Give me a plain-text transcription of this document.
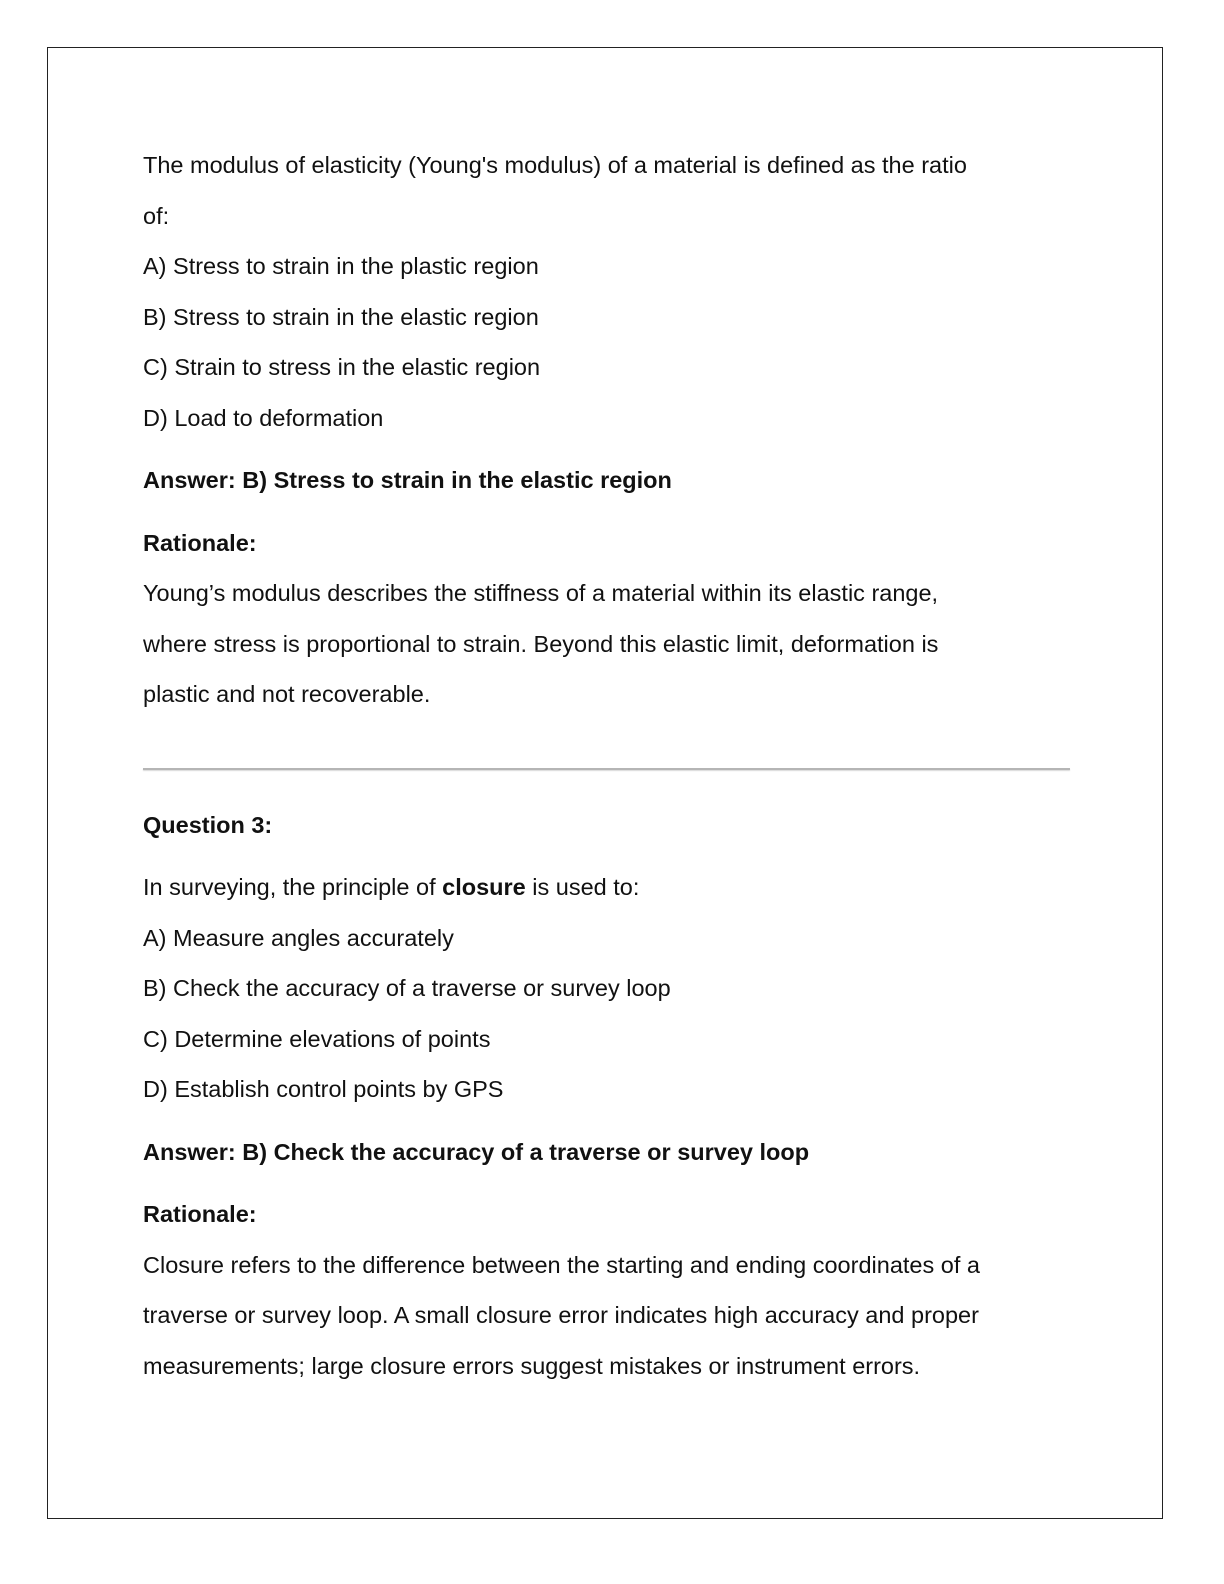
The modulus of elasticity (Young's modulus) of a material is defined as the ratio

of:

A) Stress to strain in the plastic region

B) Stress to strain in the elastic region

C) Strain to stress in the elastic region

D) Load to deformation

Answer: B) Stress to strain in the elastic region

Rationale:

Young’s modulus describes the stiffness of a material within its elastic range,

where stress is proportional to strain. Beyond this elastic limit, deformation is

plastic and not recoverable.

Question 3:

In surveying, the principle of closure is used to:

A) Measure angles accurately

B) Check the accuracy of a traverse or survey loop

C) Determine elevations of points

D) Establish control points by GPS

Answer: B) Check the accuracy of a traverse or survey loop

Rationale:

Closure refers to the difference between the starting and ending coordinates of a

traverse or survey loop. A small closure error indicates high accuracy and proper

measurements; large closure errors suggest mistakes or instrument errors.
